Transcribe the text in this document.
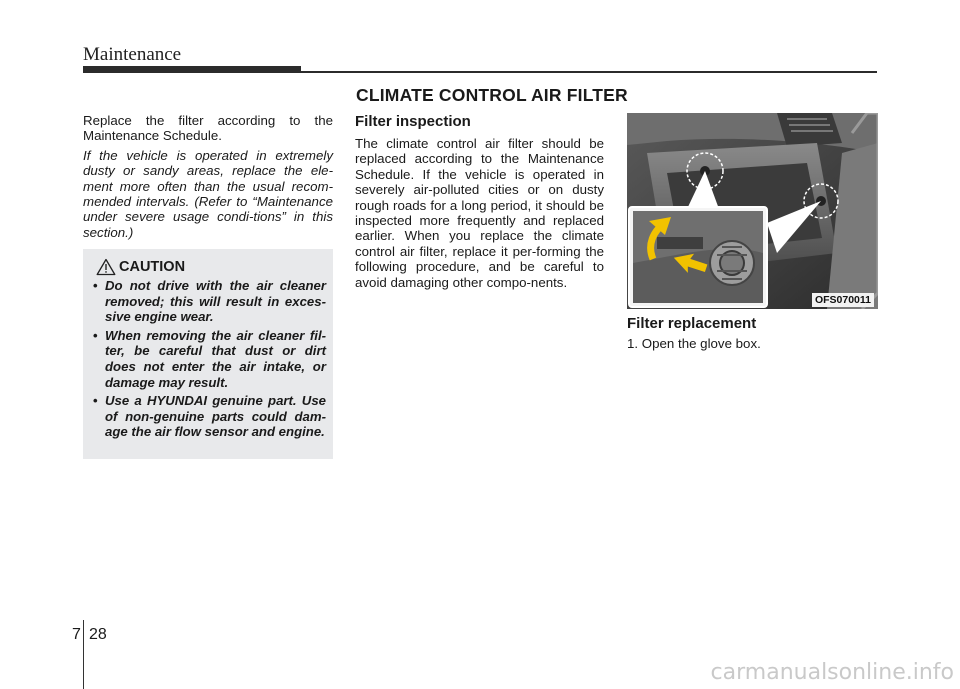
Maintenance
CLIMATE CONTROL AIR FILTER

Replace the filter according to the Maintenance Schedule.

If the vehicle is operated in extremely dusty or sandy areas, replace the ele-ment more often than the usual recom-mended intervals. (Refer to “Maintenance under severe usage condi-tions” in this section.)

CAUTION
• Do not drive with the air cleaner removed; this will result in exces-sive engine wear.
• When removing the air cleaner fil-ter, be careful that dust or dirt does not enter the air intake, or damage may result.
• Use a HYUNDAI genuine part. Use of non-genuine parts could dam-age the air flow sensor and engine.
Filter inspection

The climate control air filter should be replaced according to the Maintenance Schedule. If the vehicle is operated in severely air-polluted cities or on dusty rough roads for a long period, it should be inspected more frequently and replaced earlier. When you replace the climate control air filter, replace it per-forming the following procedure, and be careful to avoid damaging other compo-nents.

OFS070011
Filter replacement
1. Open the glove box.
7 28
carmanualsonline.info
